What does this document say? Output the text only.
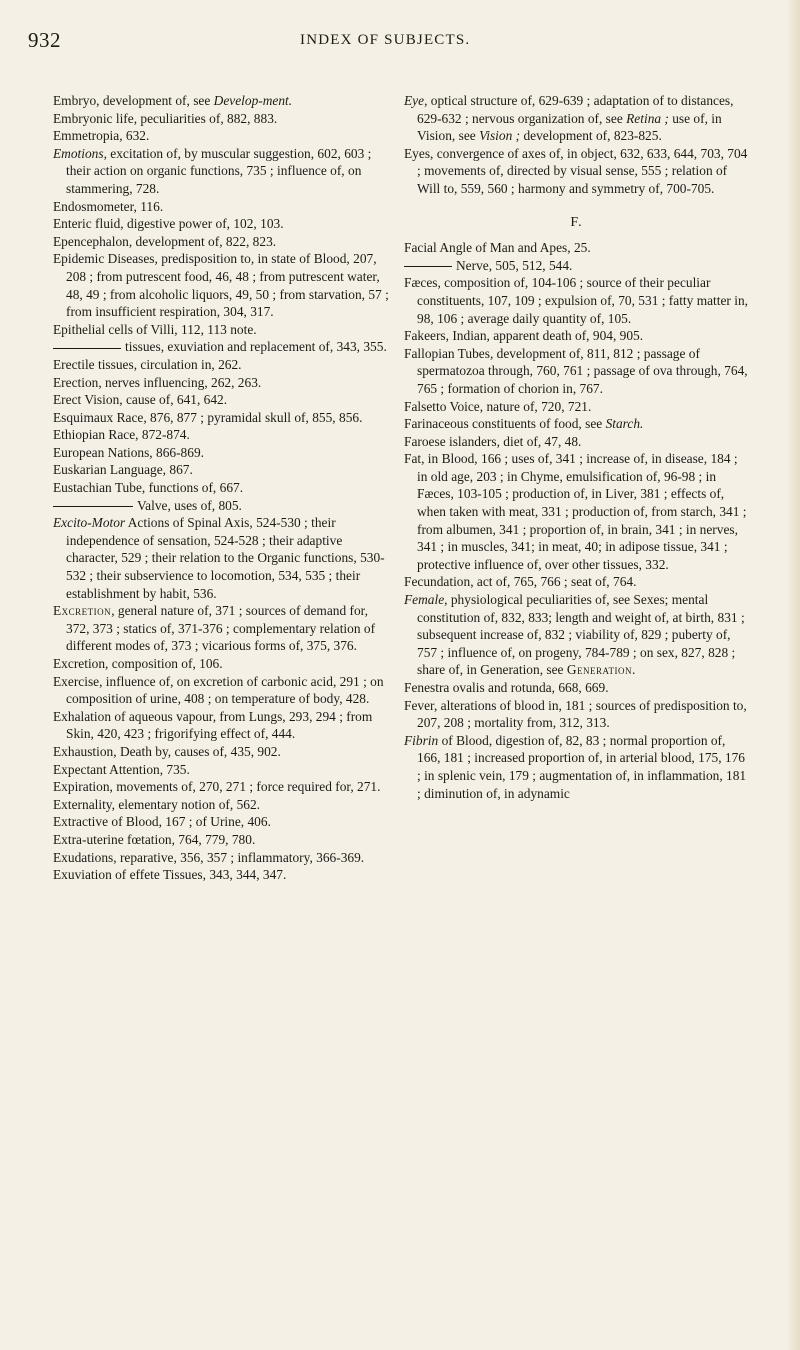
932	INDEX OF SUBJECTS.

Embryo, development of, see Develop-ment.

Embryonic life, peculiarities of, 882, 883.

Emmetropia, 632.

Emotions, excitation of, by muscular suggestion, 602, 603 ; their action on organic functions, 735 ; influence of, on stammering, 728.

Endosmometer, 116.

Enteric fluid, digestive power of, 102, 103.

Epencephalon, development of, 822, 823.

Epidemic Diseases, predisposition to, in state of Blood, 207, 208 ; from putrescent food, 46, 48 ; from putrescent water, 48, 49 ; from alcoholic liquors, 49, 50 ; from starvation, 57 ; from insufficient respiration, 304, 317.

Epithelial cells of Villi, 112, 113 note.

tissues, exuviation and replacement of, 343, 355.

Erectile tissues, circulation in, 262.

Erection, nerves influencing, 262, 263.

Erect Vision, cause of, 641, 642.

Esquimaux Race, 876, 877 ; pyramidal skull of, 855, 856.

Ethiopian Race, 872-874.

European Nations, 866-869.

Euskarian Language, 867.

Eustachian Tube, functions of, 667.

Valve, uses of, 805.

Excito-Motor Actions of Spinal Axis, 524-530 ; their independence of sensation, 524-528 ; their adaptive character, 529 ; their relation to the Organic functions, 530-532 ; their subservience to locomotion, 534, 535 ; their establishment by habit, 536.

Excretion, general nature of, 371 ; sources of demand for, 372, 373 ; statics of, 371-376 ; complementary relation of different modes of, 373 ; vicarious forms of, 375, 376.

Excretion, composition of, 106.

Exercise, influence of, on excretion of carbonic acid, 291 ; on composition of urine, 408 ; on temperature of body, 428.

Exhalation of aqueous vapour, from Lungs, 293, 294 ; from Skin, 420, 423 ; frigorifying effect of, 444.

Exhaustion, Death by, causes of, 435, 902.

Expectant Attention, 735.

Expiration, movements of, 270, 271 ; force required for, 271.

Externality, elementary notion of, 562.

Extractive of Blood, 167 ; of Urine, 406.

Extra-uterine fœtation, 764, 779, 780.

Exudations, reparative, 356, 357 ; inflammatory, 366-369.

Exuviation of effete Tissues, 343, 344, 347.

Eye, optical structure of, 629-639 ; adaptation of to distances, 629-632 ; nervous organization of, see Retina ; use of, in Vision, see Vision ; development of, 823-825.

Eyes, convergence of axes of, in object, 632, 633, 644, 703, 704 ; movements of, directed by visual sense, 555 ; relation of Will to, 559, 560 ; harmony and symmetry of, 700-705.

F.

Facial Angle of Man and Apes, 25.

Nerve, 505, 512, 544.

Fæces, composition of, 104-106 ; source of their peculiar constituents, 107, 109 ; expulsion of, 70, 531 ; fatty matter in, 98, 106 ; average daily quantity of, 105.

Fakeers, Indian, apparent death of, 904, 905.

Fallopian Tubes, development of, 811, 812 ; passage of spermatozoa through, 760, 761 ; passage of ova through, 764, 765 ; formation of chorion in, 767.

Falsetto Voice, nature of, 720, 721.

Farinaceous constituents of food, see Starch.

Faroese islanders, diet of, 47, 48.

Fat, in Blood, 166 ; uses of, 341 ; increase of, in disease, 184 ; in old age, 203 ; in Chyme, emulsification of, 96-98 ; in Fæces, 103-105 ; production of, in Liver, 381 ; effects of, when taken with meat, 331 ; production of, from starch, 341 ; from albumen, 341 ; proportion of, in brain, 341 ; in nerves, 341 ; in muscles, 341; in meat, 40; in adipose tissue, 341 ; protective influence of, over other tissues, 332.

Fecundation, act of, 765, 766 ; seat of, 764.

Female, physiological peculiarities of, see Sexes; mental constitution of, 832, 833; length and weight of, at birth, 831 ; subsequent increase of, 832 ; viability of, 829 ; puberty of, 757 ; influence of, on progeny, 784-789 ; on sex, 827, 828 ; share of, in Generation, see Generation.

Fenestra ovalis and rotunda, 668, 669.

Fever, alterations of blood in, 181 ; sources of predisposition to, 207, 208 ; mortality from, 312, 313.

Fibrin of Blood, digestion of, 82, 83 ; normal proportion of, 166, 181 ; increased proportion of, in arterial blood, 175, 176 ; in splenic vein, 179 ; augmentation of, in inflammation, 181 ; diminution of, in adynamic
